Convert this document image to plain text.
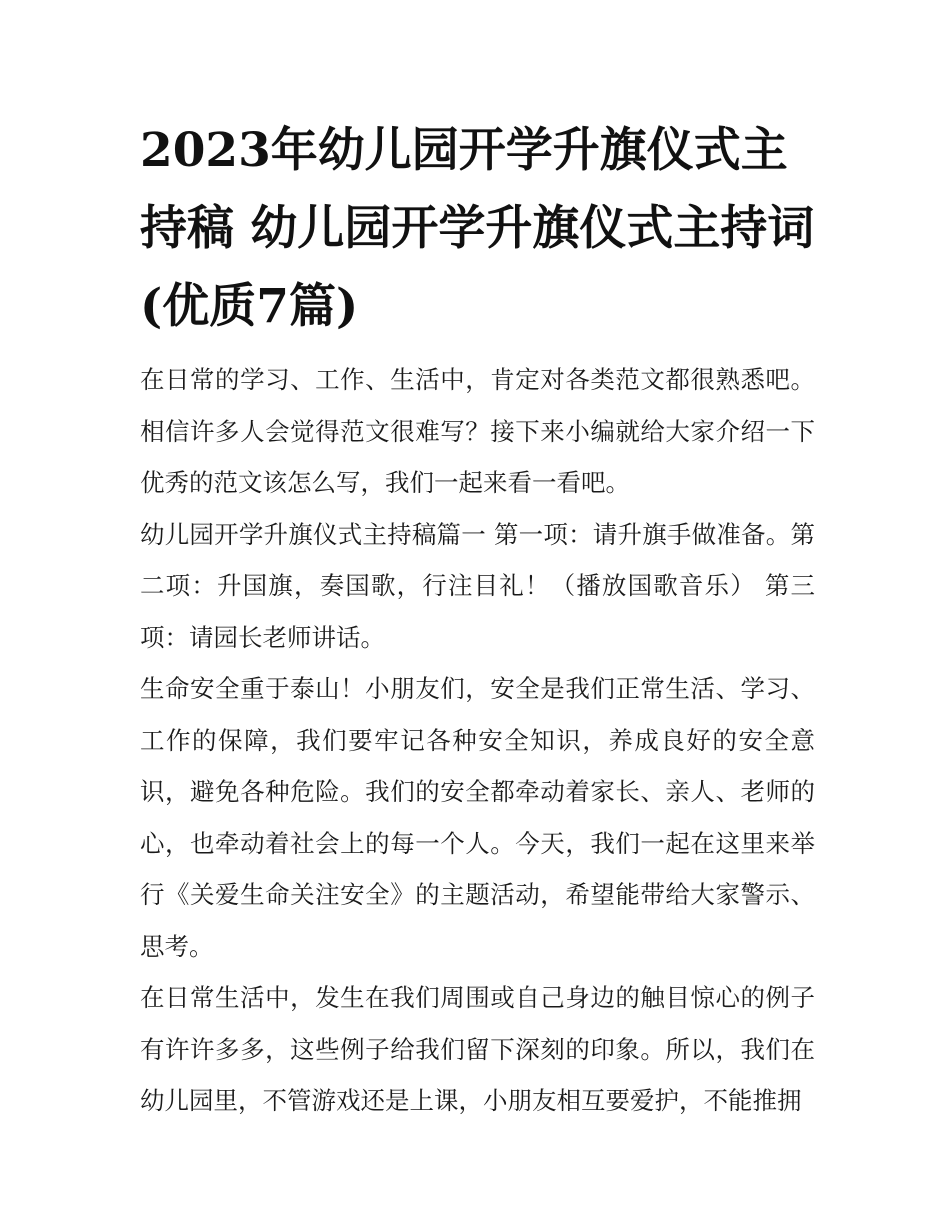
2023年幼儿园开学升旗仪式主持稿 幼儿园开学升旗仪式主持词(优质7篇)

在日常的学习、工作、生活中，肯定对各类范文都很熟悉吧。相信许多人会觉得范文很难写？接下来小编就给大家介绍一下优秀的范文该怎么写，我们一起来看一看吧。

幼儿园开学升旗仪式主持稿篇一 第一项：请升旗手做准备。第二项：升国旗，奏国歌，行注目礼！（播放国歌音乐） 第三项：请园长老师讲话。

生命安全重于泰山！小朋友们，安全是我们正常生活、学习、工作的保障，我们要牢记各种安全知识，养成良好的安全意识，避免各种危险。我们的安全都牵动着家长、亲人、老师的心，也牵动着社会上的每一个人。今天，我们一起在这里来举行《关爱生命关注安全》的主题活动，希望能带给大家警示、思考。

在日常生活中，发生在我们周围或自己身边的触目惊心的例子有许许多多，这些例子给我们留下深刻的印象。所以，我们在幼儿园里，不管游戏还是上课，小朋友相互要爱护，不能推拥
